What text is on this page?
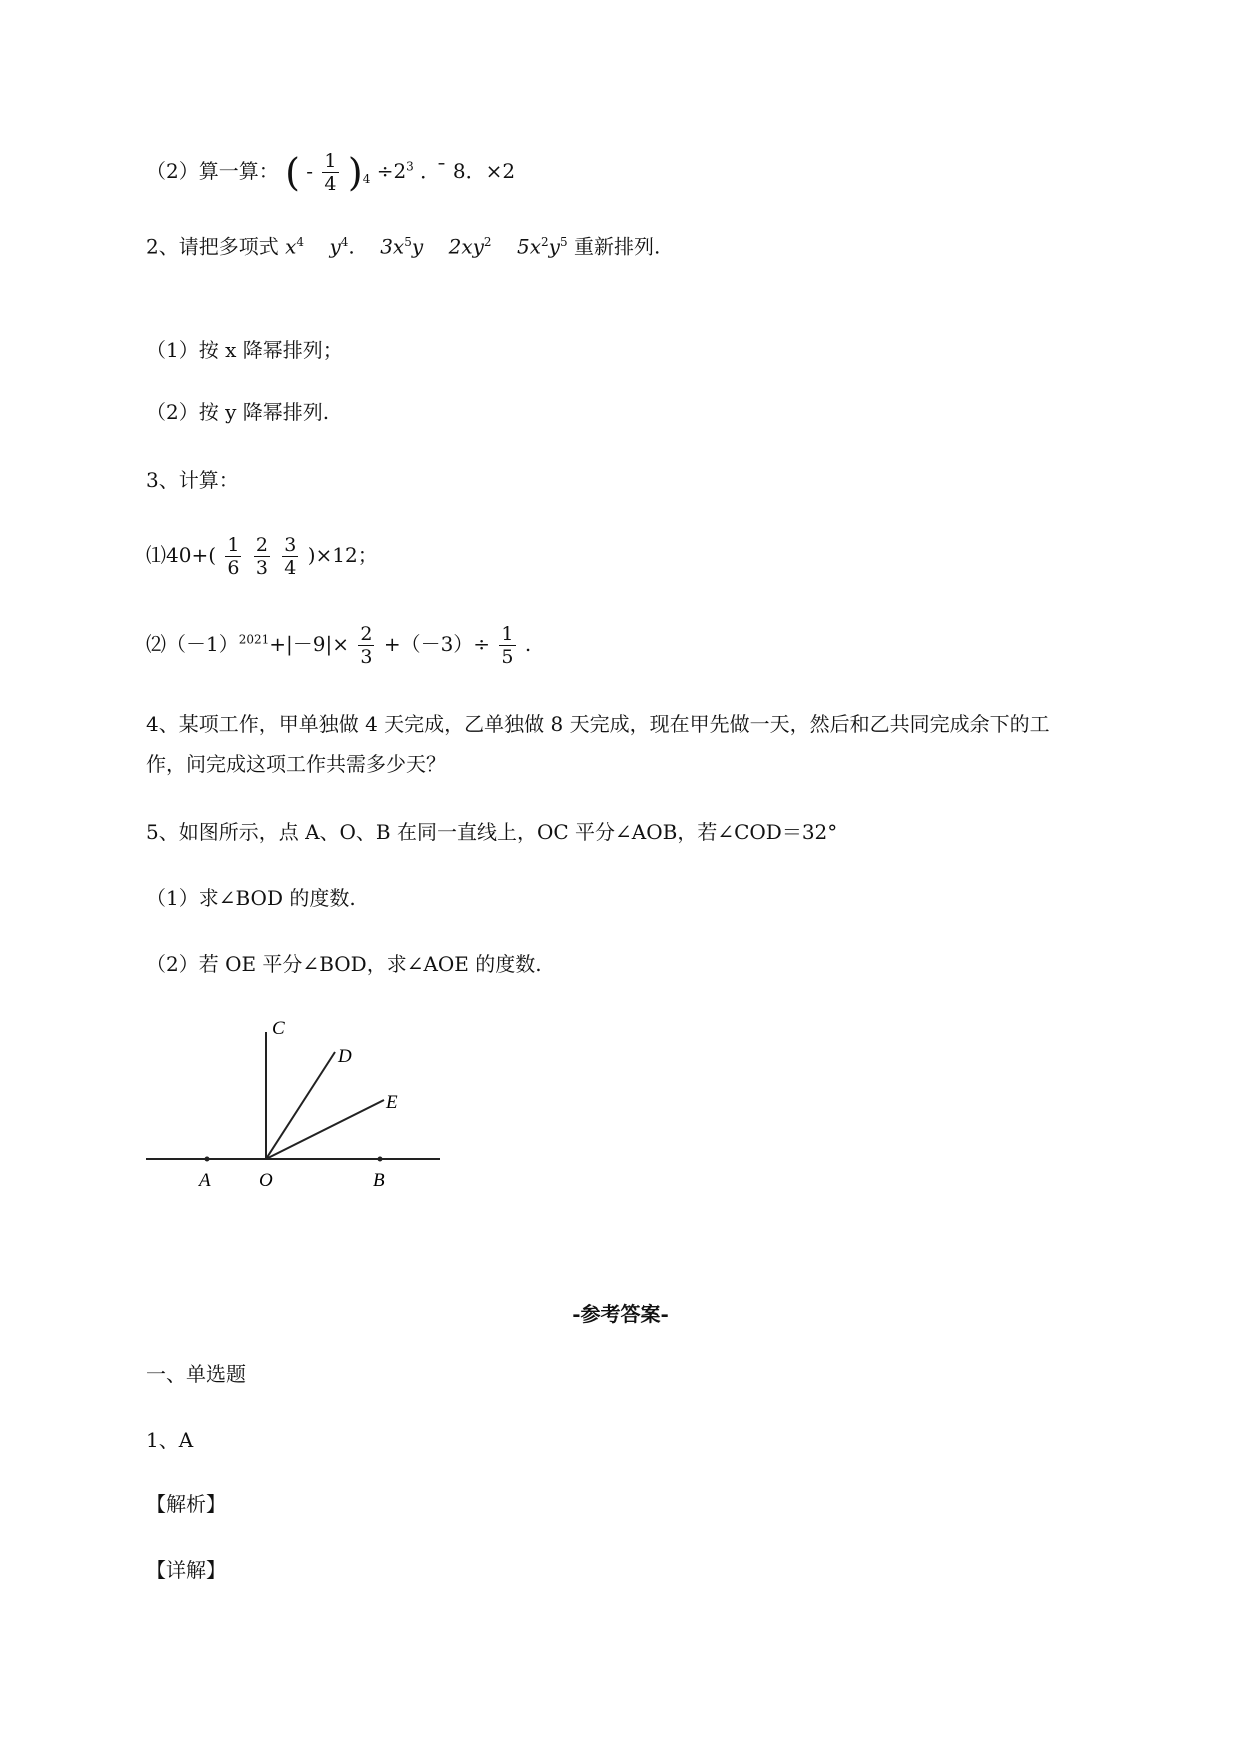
（2）算一算： ( - $\frac{1}{4} )_4 \div 2^3$ ． ̄ 8．×2
2、请把多项式 $x^4$ $y^4$.    $3x^5y$ $2xy^2$ $5x^2y^5$ 重新排列.
（1）按 x 降幂排列；
（2）按 y 降幂排列.
3、计算：
⑴40+( $\frac{1}{6}$
$\frac{2}{3}$
$\frac{3}{4} )\times 12$；
$⑵(-1)^{2021}+|-9|\times \frac{2}{3} +(-3)\div \frac{1}{5}$ .
4、某项工作，甲单独做 4 天完成，乙单独做 8 天完成，现在甲先做一天，然后和乙共同完成余下的工
作，问完成这项工作共需多少天？
5、如图所示，点 A、O、B 在同一直线上，OC 平分∠AOB，若∠COD＝32°
（1）求∠BOD 的度数.
（2）若 OE 平分∠BOD，求∠AOE 的度数.
C
D
E
A	O	B
-参考答案-
一、单选题
1、A
【解析】
【详解】
